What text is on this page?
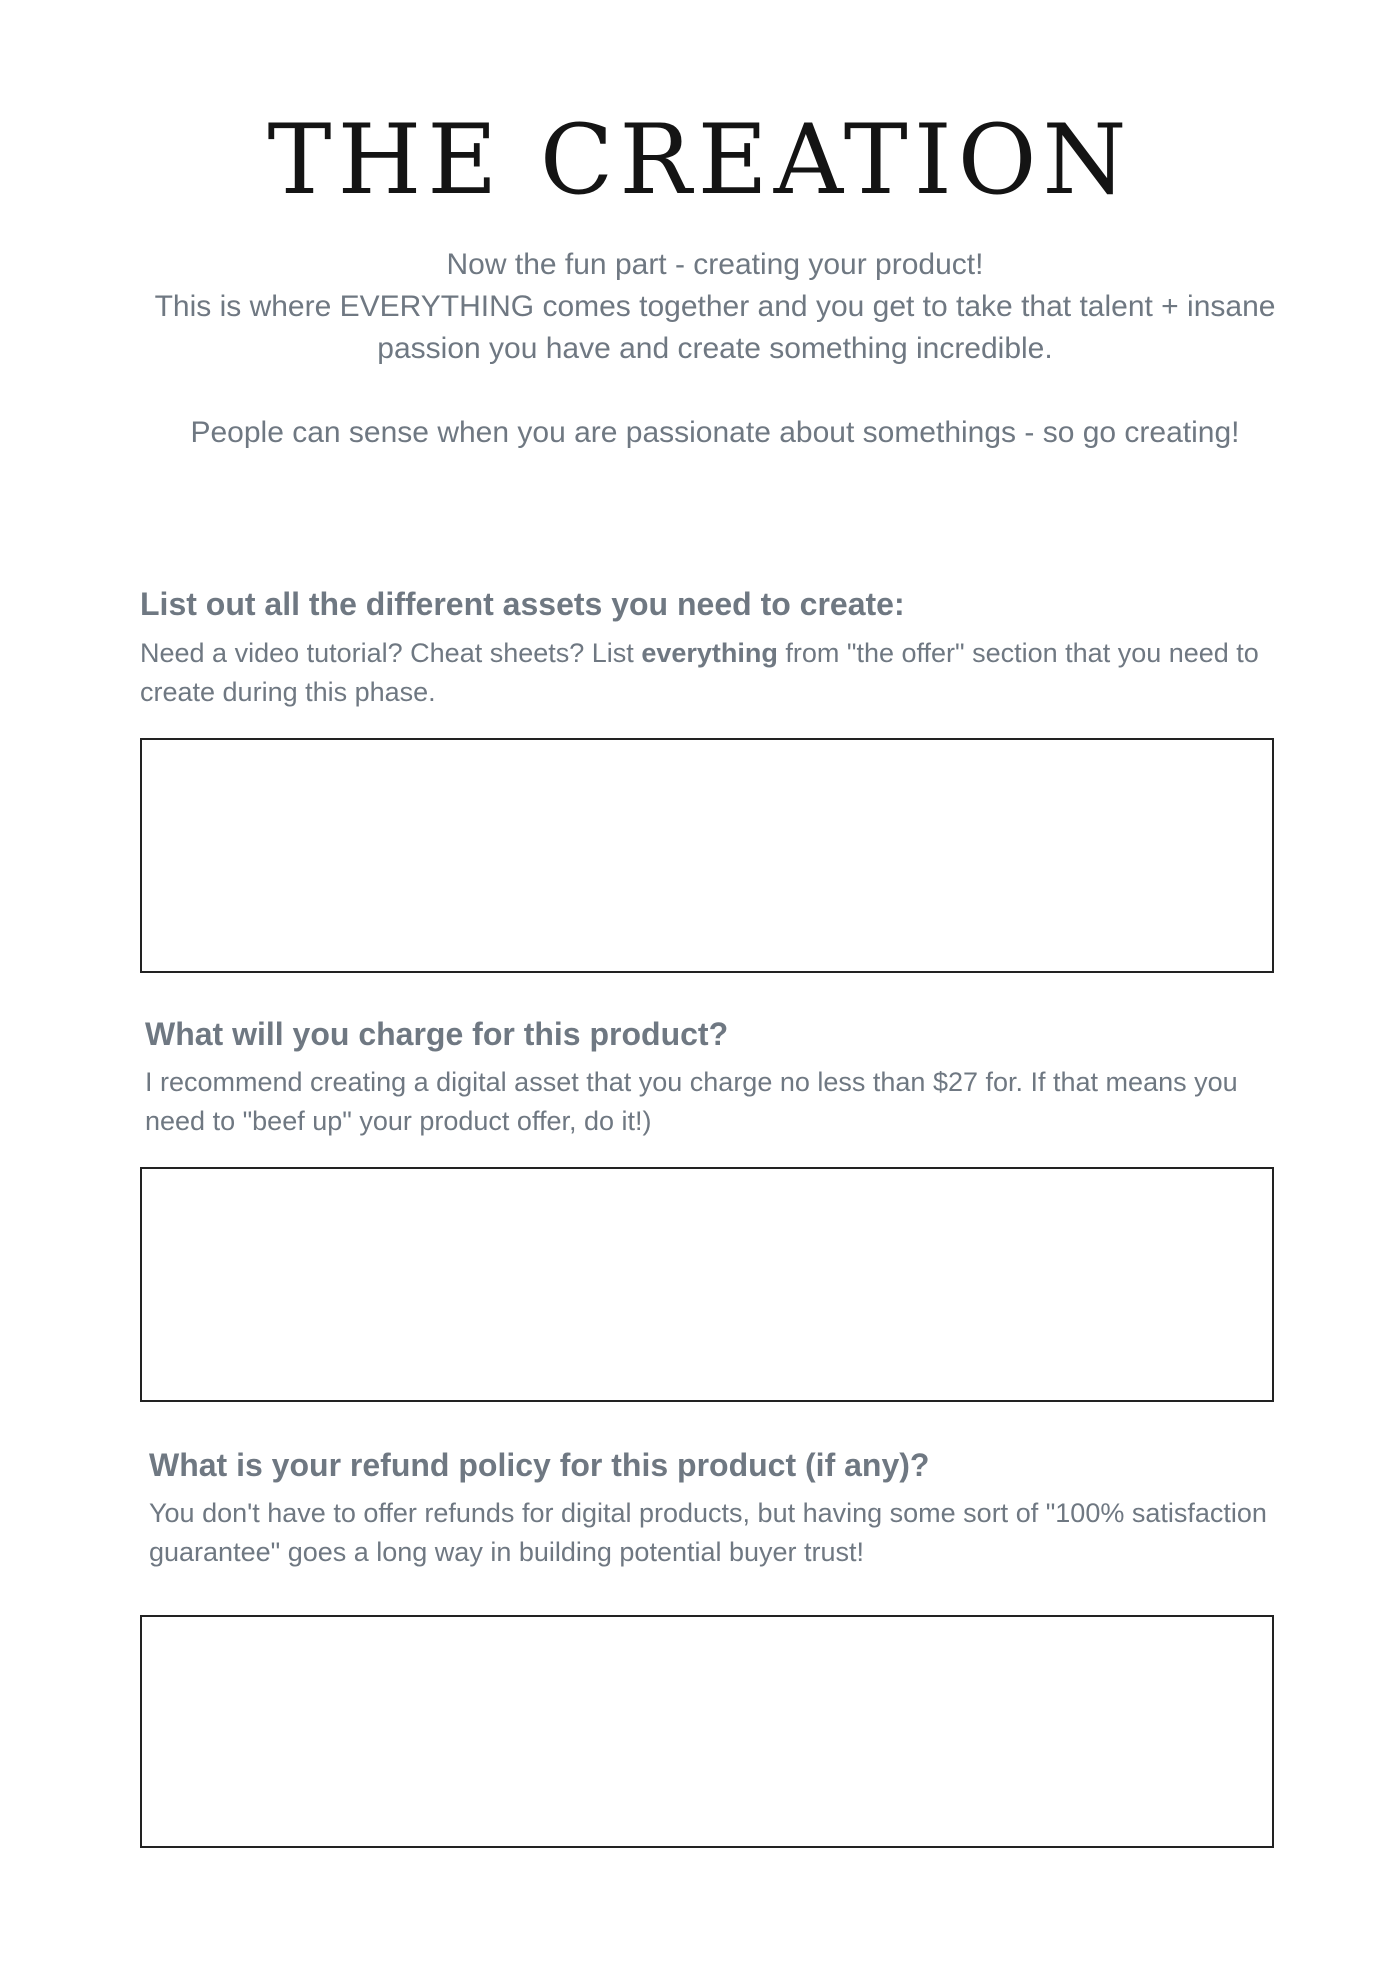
THE CREATION

Now the fun part - creating your product!

This is where EVERYTHING comes together and you get to take that talent + insane passion you have and create something incredible.

People can sense when you are passionate about somethings - so go creating!

List out all the different assets you need to create:
Need a video tutorial? Cheat sheets? List everything from "the offer" section that you need to create during this phase.
What will you charge for this product?
I recommend creating a digital asset that you charge no less than $27 for. If that means you need to "beef up" your product offer, do it!)
What is your refund policy for this product (if any)?
You don't have to offer refunds for digital products, but having some sort of "100% satisfaction guarantee" goes a long way in building potential buyer trust!
